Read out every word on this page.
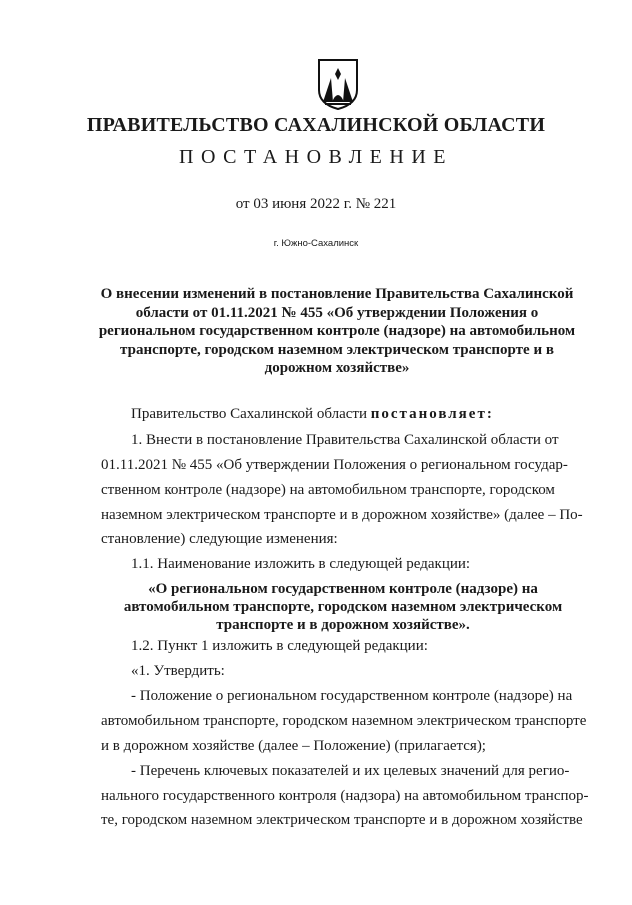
ПРАВИТЕЛЬСТВО САХАЛИНСКОЙ ОБЛАСТИ
ПОСТАНОВЛЕНИЕ
от 03 июня 2022 г. № 221
г. Южно-Сахалинск
О внесении изменений в постановление Правительства Сахалинской
области от 01.11.2021 № 455 «Об утверждении Положения о
региональном государственном контроле (надзоре) на автомобильном
транспорте, городском наземном электрическом транспорте и в
дорожном хозяйстве»
Правительство Сахалинской области постановляет:
1. Внести в постановление Правительства Сахалинской области от
01.11.2021 № 455 «Об утверждении Положения о региональном государ-
ственном контроле (надзоре) на автомобильном транспорте, городском
наземном электрическом транспорте и в дорожном хозяйстве» (далее – По-
становление) следующие изменения:
1.1. Наименование изложить в следующей редакции:
«О региональном государственном контроле (надзоре) на
автомобильном транспорте, городском наземном электрическом
транспорте и в дорожном хозяйстве».
1.2. Пункт 1 изложить в следующей редакции:
«1. Утвердить:
- Положение о региональном государственном контроле (надзоре) на
автомобильном транспорте, городском наземном электрическом транспорте
и в дорожном хозяйстве (далее – Положение) (прилагается);
- Перечень ключевых показателей и их целевых значений для регио-
нального государственного контроля (надзора) на автомобильном транспор-
те, городском наземном электрическом транспорте и в дорожном хозяйстве
